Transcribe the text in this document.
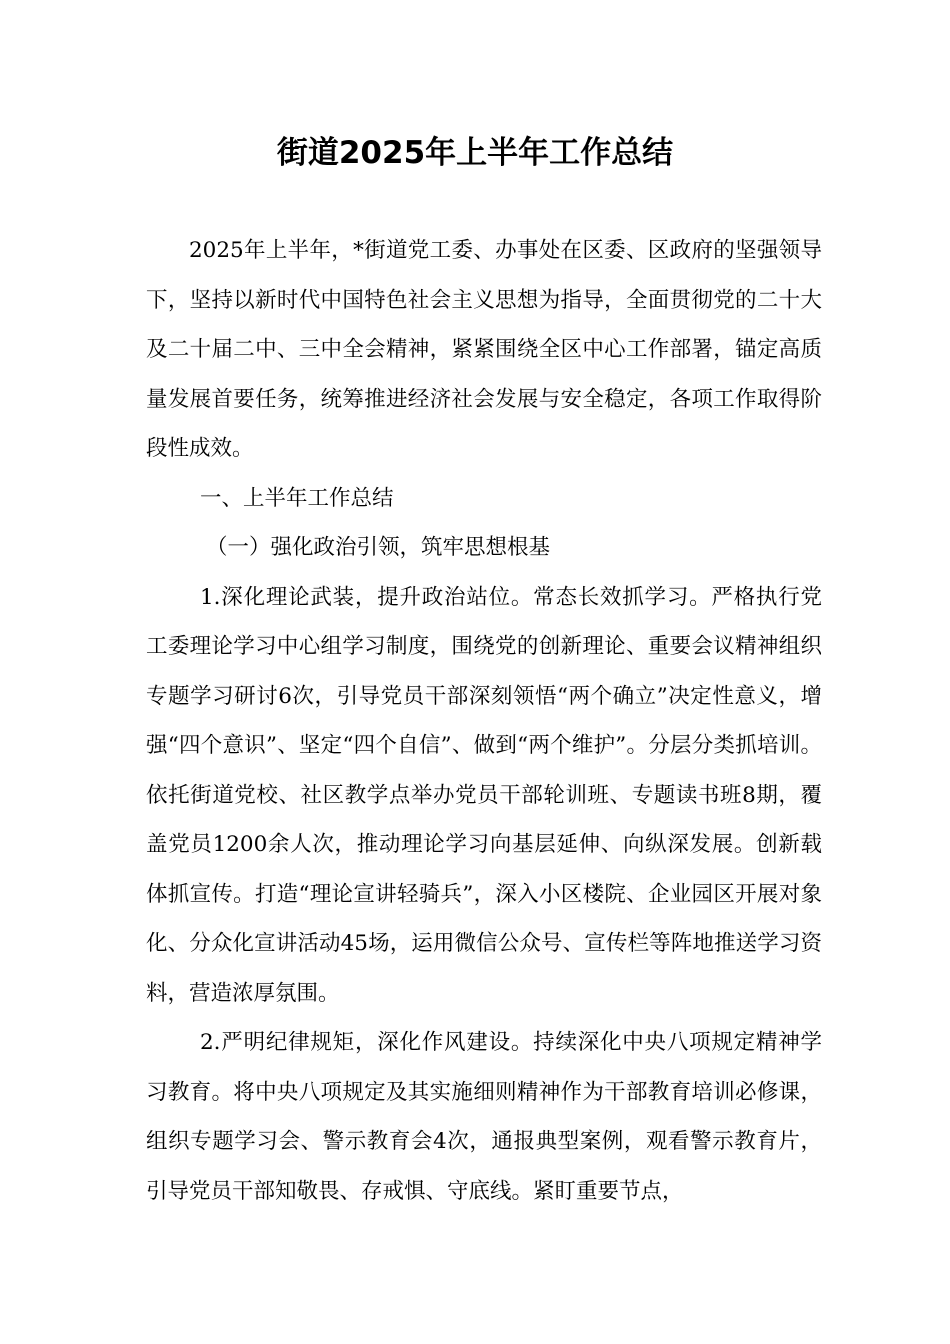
街道2025年上半年工作总结

2025年上半年，*街道党工委、办事处在区委、区政府的坚强领导下，坚持以新时代中国特色社会主义思想为指导，全面贯彻党的二十大及二十届二中、三中全会精神，紧紧围绕全区中心工作部署，锚定高质量发展首要任务，统筹推进经济社会发展与安全稳定，各项工作取得阶段性成效。

一、上半年工作总结

（一）强化政治引领，筑牢思想根基

1.深化理论武装，提升政治站位。常态长效抓学习。严格执行党工委理论学习中心组学习制度，围绕党的创新理论、重要会议精神组织专题学习研讨6次，引导党员干部深刻领悟“两个确立”决定性意义，增强“四个意识”、坚定“四个自信”、做到“两个维护”。分层分类抓培训。依托街道党校、社区教学点举办党员干部轮训班、专题读书班8期，覆盖党员1200余人次，推动理论学习向基层延伸、向纵深发展。创新载体抓宣传。打造“理论宣讲轻骑兵”，深入小区楼院、企业园区开展对象化、分众化宣讲活动45场，运用微信公众号、宣传栏等阵地推送学习资料，营造浓厚氛围。

2.严明纪律规矩，深化作风建设。持续深化中央八项规定精神学习教育。将中央八项规定及其实施细则精神作为干部教育培训必修课，组织专题学习会、警示教育会4次，通报典型案例，观看警示教育片，引导党员干部知敬畏、存戒惧、守底线。紧盯重要节点，
